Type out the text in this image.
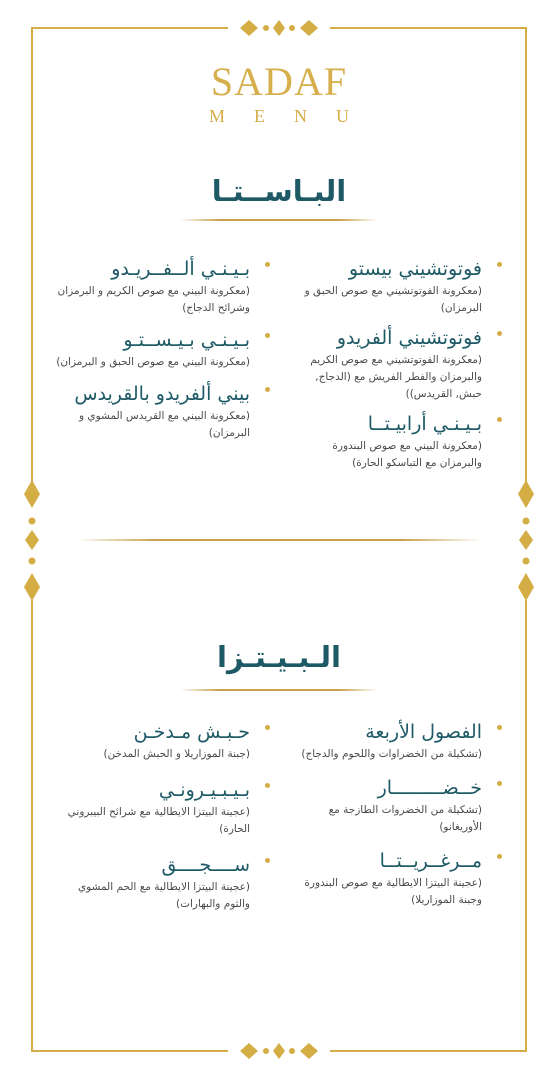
SADAF
MENU
البـاســتـا
فوتوتشيني بيستو
(معكرونة الفوتوتشيني مع صوص الحبق و البرمزان)
فوتوتشيني ألفريدو
(معكرونة الفوتوتشيني مع صوص الكريم والبرمزان والفطر الفريش مع (الدجاج, حبش, القريدس))
بـيـنـي أرابيـتــا
(معكرونة البيني مع صوص البندورة والبرمزان مع التباسكو الحارة)
بـيـنـي ألــفــريـدو
(معكرونة البيني مع صوص الكريم و البرمزان وشرائح الدجاج)
بـيـنـي بـيـســتـو
(معكرونة البيني مع صوص الحبق و البرمزان)
بيني ألفريدو بالقريدس
(معكرونة البيني مع القريدس المشوي و البرمزان)
الـبـيـتـزا
الفصول الأربعة
(تشكيلة من الخضراوات واللحوم والدجاج)
خــضـــــــــار
(تشكيلة من الخضروات الطازجة مع الأوريغانو)
مــرغــريــتــا
(عجينة البيتزا الايطالية مع صوص البندورة وجبنة الموزاريلا)
حـبـش مـدخـن
(جبنة الموزاريلا و الحبش المدخن)
بـيـبـيـرونـي
(عجينة البيتزا الايطالية مع شرائح البيبروني الحارة)
ســــجــــق
(عجينة البيتزا الايطالية مع الحم المشوي والثوم والبهارات)
